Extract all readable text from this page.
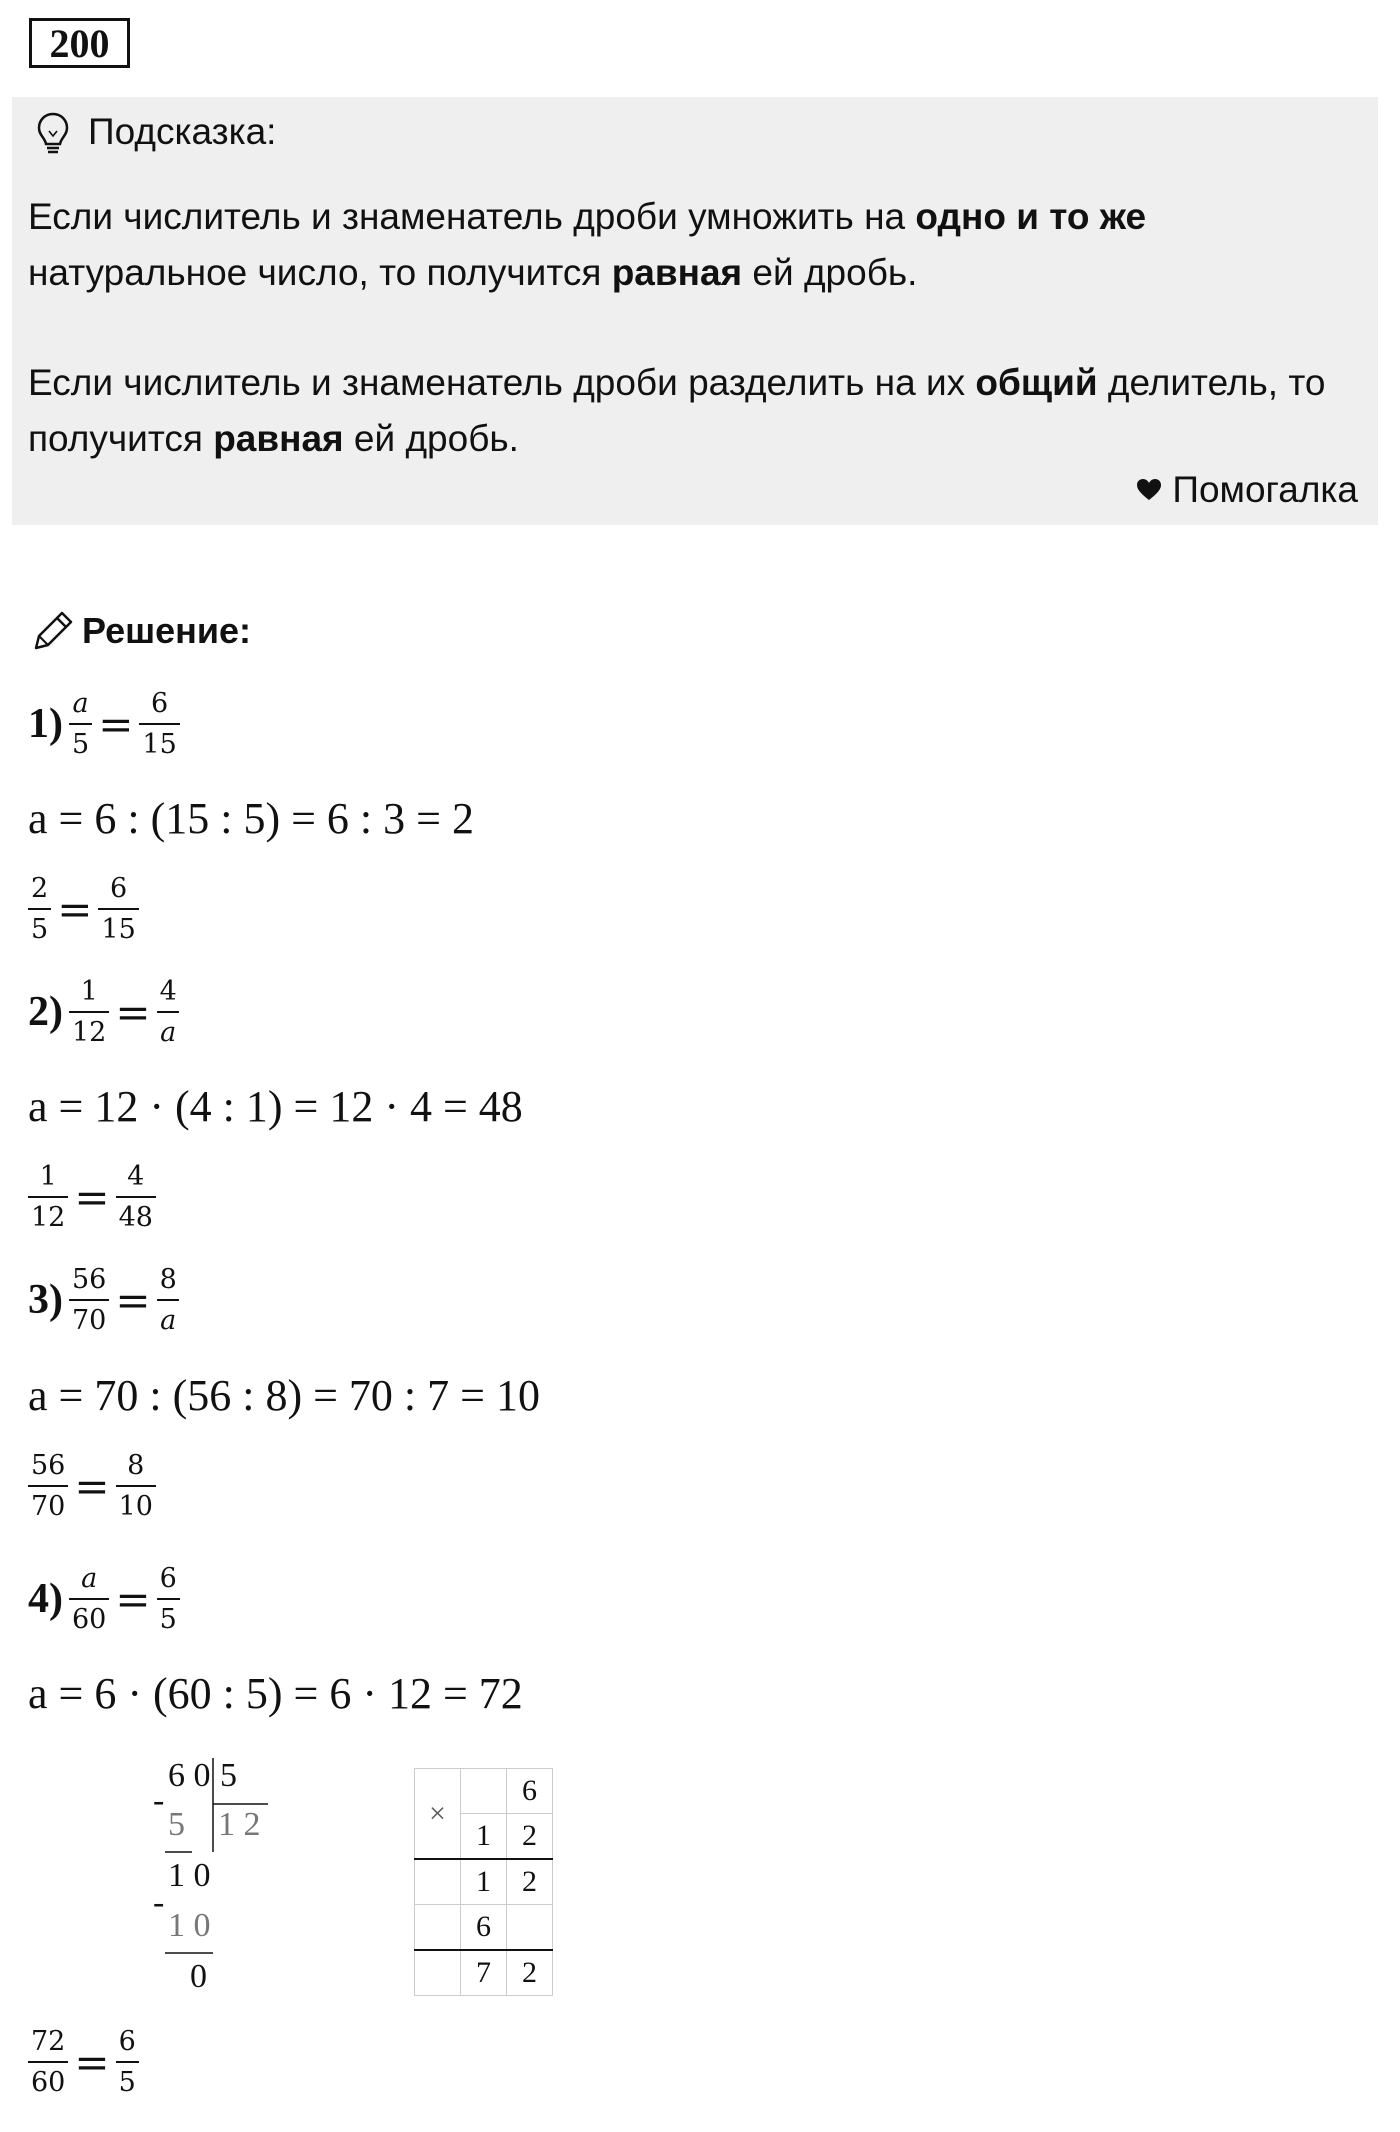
200
Подсказка:

Если числитель и знаменатель дроби умножить на одно и то же натуральное число, то получится равная ей дробь.

Если числитель и знаменатель дроби разделить на их общий делитель, то получится равная ей дробь.

Помогалка
Решение:
$1) \frac{a}{5} = \frac{6}{15}$
a = 6 : (15 : 5) = 6 : 3 = 2
$\frac{2}{5} = \frac{6}{15}$
$2) \frac{1}{12} = \frac{4}{a}$
a = 12 · (4 : 1) = 12 · 4 = 48
$\frac{1}{12} = \frac{4}{48}$
$3) \frac{56}{70} = \frac{8}{a}$
a = 70 : (56 : 8) = 70 : 7 = 10
$\frac{56}{70} = \frac{8}{10}$
$4) \frac{a}{60} = \frac{6}{5}$
a = 6 · (60 : 5) = 6 · 12 = 72
6 0 5
1 2
-
5
1 0
-
1 0
0
×		6
	1	2
	1	2
	6	
	7	2
$\frac{72}{60} = \frac{6}{5}$
